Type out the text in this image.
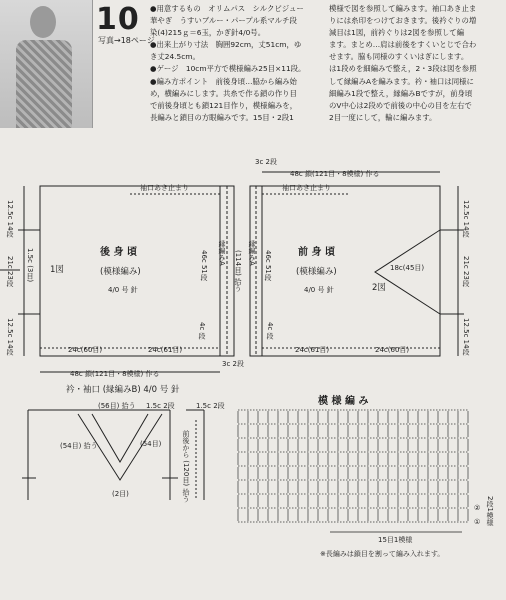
10
写真→18ページ

●用意するもの　オリムパス　シルクビジュー

華やぎ　うすいブルー・パープル系マルチ段

染(4)215ｇ＝6玉，かぎ針4/0号。

●出来上がり寸法　胸囲92cm，丈51cm，ゆ

き丈24.5cm。

●ゲージ　10cm平方で模様編み25目×11段。

●編み方ポイント　前後身頃…脇から編み始

め，横編みにします。共糸で作る鎖の作り目

で前後身頃とも鎖121目作り，模様編みを，

長編みと鎖目の方眼編みです。15目・2段1

模様で図を参照して編みます。袖口あき止ま

りには糸印をつけておきます。後衿ぐりの増

減目は1図，前衿ぐりは2図を参照して編

ます。まとめ…肩は前後をすくいとじで合わ

せます。脇も同様のすくいはぎにします。

は1段めを細編みで整え，2・3段は図を参照

して縁編みAを編みます。衿・袖口は同様に

細編み1段で整え，縁編みBですが，前身頃

のV中心は2段めで前後の中心の目を左右で

2目一度にして，輪に編みます。

48c 鎖(121目・8模様) 作る
3c 2段
袖口あき止まり	袖口あき止まり
後 身 頃
(模様編み)
4/0 号 針
1図
前 身 頃
(模様編み)
4/0 号 針	2図
18c(45目)
縁編みA	縁編みA
46c 51段	(114目) 拾う	46c 51段
12.5c 14段
21c 23段
12.5c 14段
1.5c (3目)
12.5c 14段
21c 23段
12.5c 14段
4c 段	4c 段
24c(60目)	24c(61目)	24c(61目)	24c(60目)
48c 鎖(121目・8模様) 作る
3c 2段
衿・袖口 (縁編みB) 4/0 号 針
(56目) 拾う 1.5c 2段
(54目) 拾う	(54目)
(2目)
1.5c 2段
前後から (120目) 拾う
模 様 編 み
15目1模様
②
① 2段1模様
※長編みは鎖目を割って編み入れます。
